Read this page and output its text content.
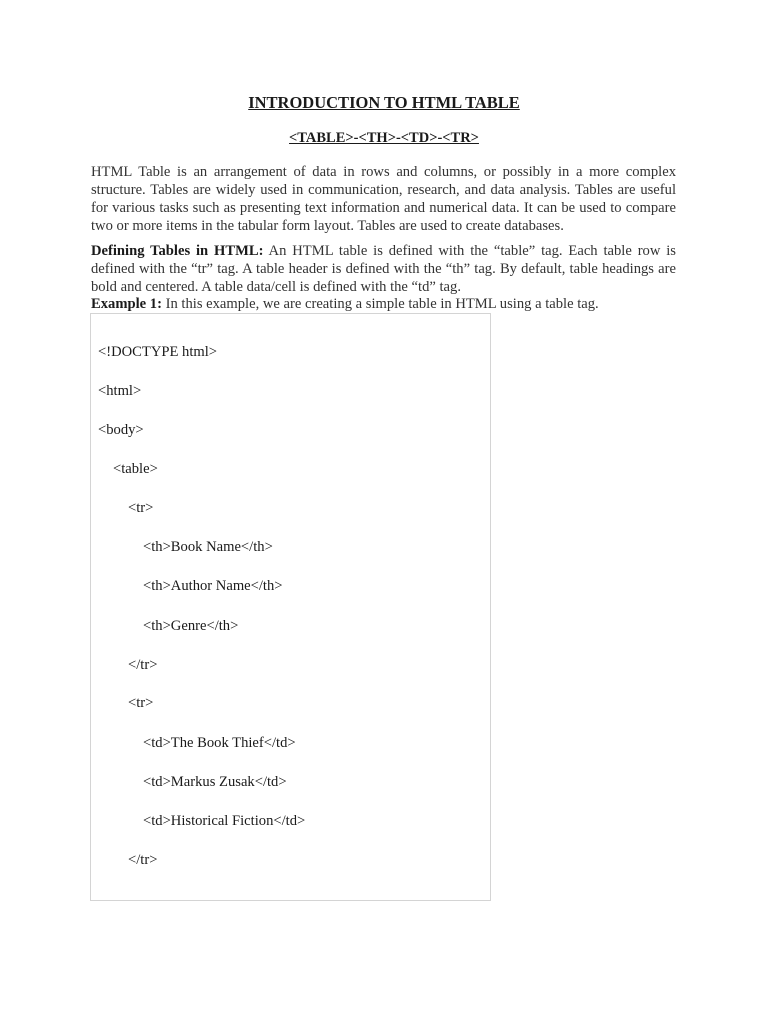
INTRODUCTION TO HTML TABLE
<TABLE>-<TH>-<TD>-<TR>

HTML Table is an arrangement of data in rows and columns, or possibly in a more complex structure. Tables are widely used in communication, research, and data analysis. Tables are useful for various tasks such as presenting text information and numerical data. It can be used to compare two or more items in the tabular form layout. Tables are used to create databases.

Defining Tables in HTML: An HTML table is defined with the “table” tag. Each table row is defined with the “tr” tag. A table header is defined with the “th” tag. By default, table headings are bold and centered. A table data/cell is defined with the “td” tag.

Example 1: In this example, we are creating a simple table in HTML using a table tag.

<!DOCTYPE html>
<html>
<body>
<table>
<tr>
<th>Book Name</th>
<th>Author Name</th>
<th>Genre</th>
</tr>
<tr>
<td>The Book Thief</td>
<td>Markus Zusak</td>
<td>Historical Fiction</td>
</tr>
